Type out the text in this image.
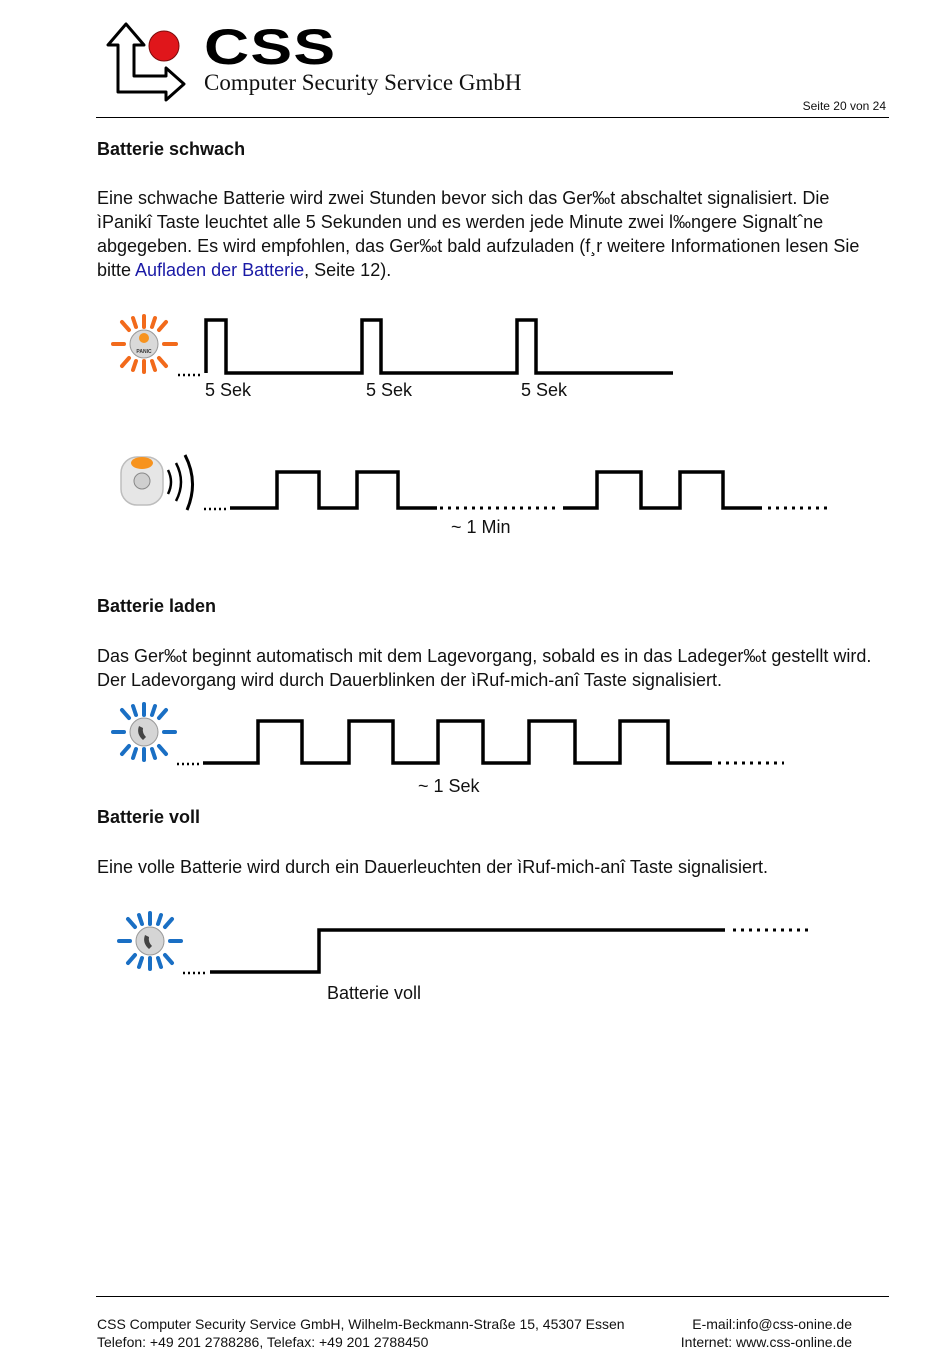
CSS
Computer Security Service GmbH
Seite 20 von 24
Batterie schwach
Eine schwache Batterie wird zwei Stunden bevor sich das Ger‰t abschaltet signalisiert. Die ìPanikî Taste leuchtet alle 5 Sekunden und es werden jede Minute zwei l‰ngere Signaltˆne abgegeben. Es wird empfohlen, das Ger‰t bald aufzuladen (f¸r weitere Informationen lesen Sie bitte Aufladen der Batterie, Seite 12).
PANIC
5 Sek	5 Sek	5 Sek
~ 1 Min
Batterie laden
Das Ger‰t beginnt automatisch mit dem Lagevorgang, sobald es in das Ladeger‰t gestellt wird. Der Ladevorgang wird durch Dauerblinken der ìRuf-mich-anî Taste signalisiert.
~ 1 Sek
Batterie voll
Eine volle Batterie wird durch ein Dauerleuchten der ìRuf-mich-anî Taste signalisiert.
Batterie voll
CSS Computer Security Service GmbH, Wilhelm-Beckmann-Straße 15, 45307 Essen
Telefon: +49 201 2788286, Telefax: +49 201 2788450
E-mail:info@css-onine.de
Internet: www.css-online.de
